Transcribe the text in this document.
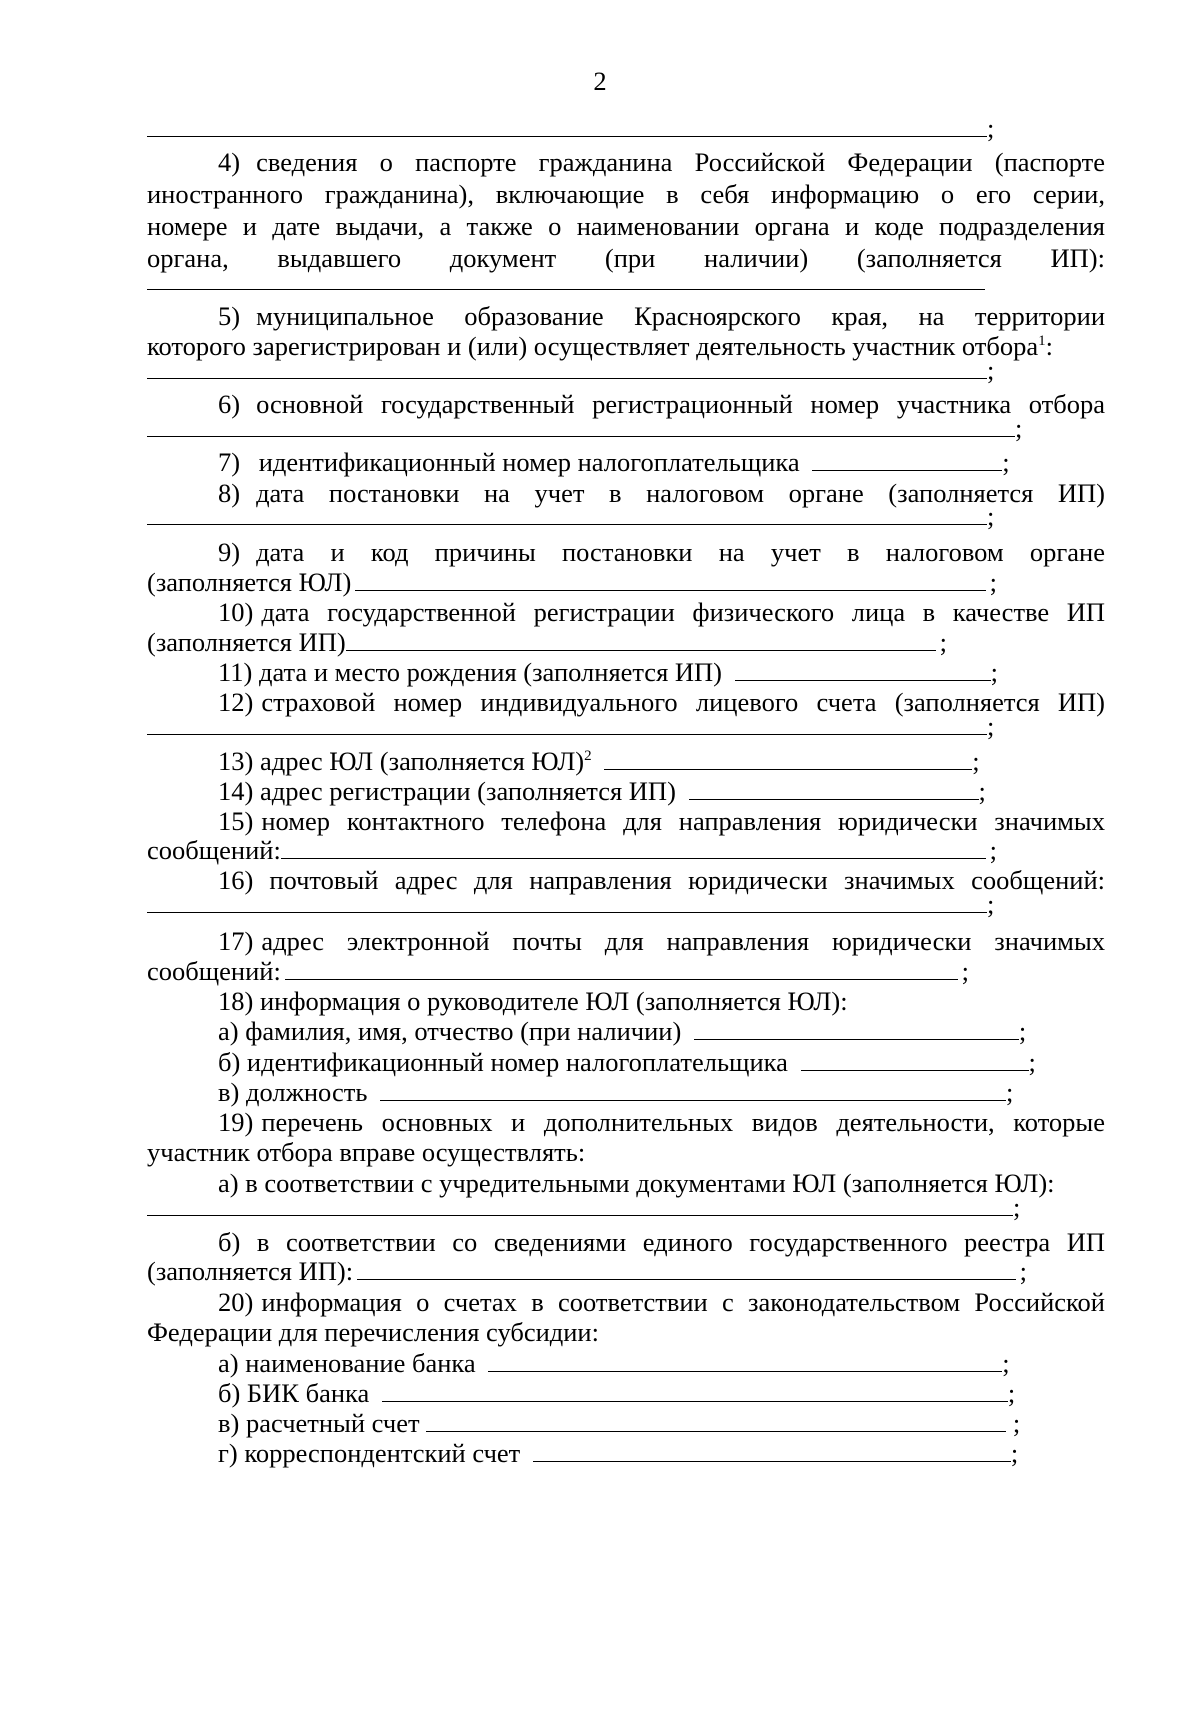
2
;
4) сведения о паспорте гражданина Российской Федерации (паспорте
иностранного гражданина), включающие в себя информацию о его серии,
номере и дате выдачи, а также о наименовании органа и коде подразделения
органа, выдавшего документ (при наличии) (заполняется ИП):
5) муниципальное образование Красноярского края, на территории
которого зарегистрирован и (или) осуществляет деятельность участник отбора$^1$:
;
6) основной государственный регистрационный номер участника отбора
;
7) идентификационный номер налогоплательщика	;
8) дата постановки на учет в налоговом органе (заполняется ИП)
;
9) дата и код причины постановки на учет в налоговом органе
(заполняется ЮЛ)	;
10) дата государственной регистрации физического лица в качестве ИП
(заполняется ИП)	;
11) дата и место рождения (заполняется ИП)	;
12) страховой номер индивидуального лицевого счета (заполняется ИП)
;
13) адрес ЮЛ (заполняется ЮЛ)$^2$	;
14) адрес регистрации (заполняется ИП)	;
15) номер контактного телефона для направления юридически значимых
сообщений:	;
16) почтовый адрес для направления юридически значимых сообщений:
;
17) адрес электронной почты для направления юридически значимых
сообщений:	;
18) информация о руководителе ЮЛ (заполняется ЮЛ):
а) фамилия, имя, отчество (при наличии)	;
б) идентификационный номер налогоплательщика	;
в) должность	;
19) перечень основных и дополнительных видов деятельности, которые
участник отбора вправе осуществлять:
а) в соответствии с учредительными документами ЮЛ (заполняется ЮЛ):
;
б) в соответствии со сведениями единого государственного реестра ИП
(заполняется ИП):	;
20) информация о счетах в соответствии с законодательством Российской
Федерации для перечисления субсидии:
а) наименование банка	;
б) БИК банка	;
в) расчетный счет	;
г) корреспондентский счет	;
